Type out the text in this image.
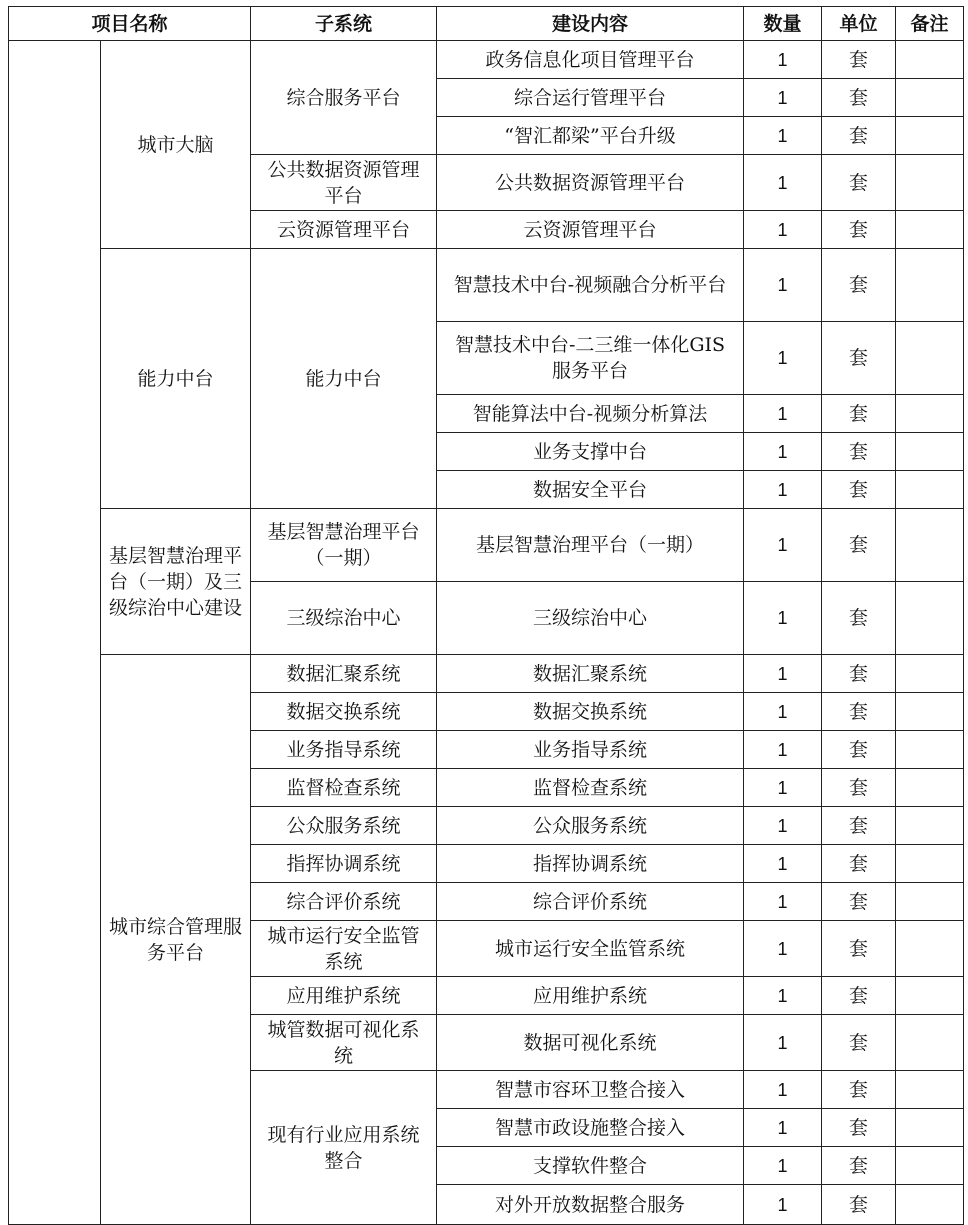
项目名称		子系统	建设内容	数量	单位	备注
	城市大脑	综合服务平台	政务信息化项目管理平台	1	套	
			综合运行管理平台	1	套	
			“智汇都梁”平台升级	1	套	
		公共数据资源管理平台	公共数据资源管理平台	1	套	
		云资源管理平台	云资源管理平台	1	套	
	能力中台	能力中台	智慧技术中台-视频融合分析平台	1	套	
			智慧技术中台-二三维一体化GIS 服务平台	1	套	
			智能算法中台-视频分析算法	1	套	
			业务支撑中台	1	套	
			数据安全平台	1	套	
	基层智慧治理平台（一期）及三级综治中心建设	基层智慧治理平台（一期）	基层智慧治理平台（一期）	1	套	
		三级综治中心	三级综治中心	1	套	
	城市综合管理服务平台	数据汇聚系统	数据汇聚系统	1	套	
		数据交换系统	数据交换系统	1	套	
		业务指导系统	业务指导系统	1	套	
		监督检查系统	监督检查系统	1	套	
		公众服务系统	公众服务系统	1	套	
		指挥协调系统	指挥协调系统	1	套	
		综合评价系统	综合评价系统	1	套	
		城市运行安全监管系统	城市运行安全监管系统	1	套	
		应用维护系统	应用维护系统	1	套	
		城管数据可视化系统	数据可视化系统	1	套	
		现有行业应用系统整合	智慧市容环卫整合接入	1	套	
			智慧市政设施整合接入	1	套	
			支撑软件整合	1	套	
			对外开放数据整合服务	1	套	
